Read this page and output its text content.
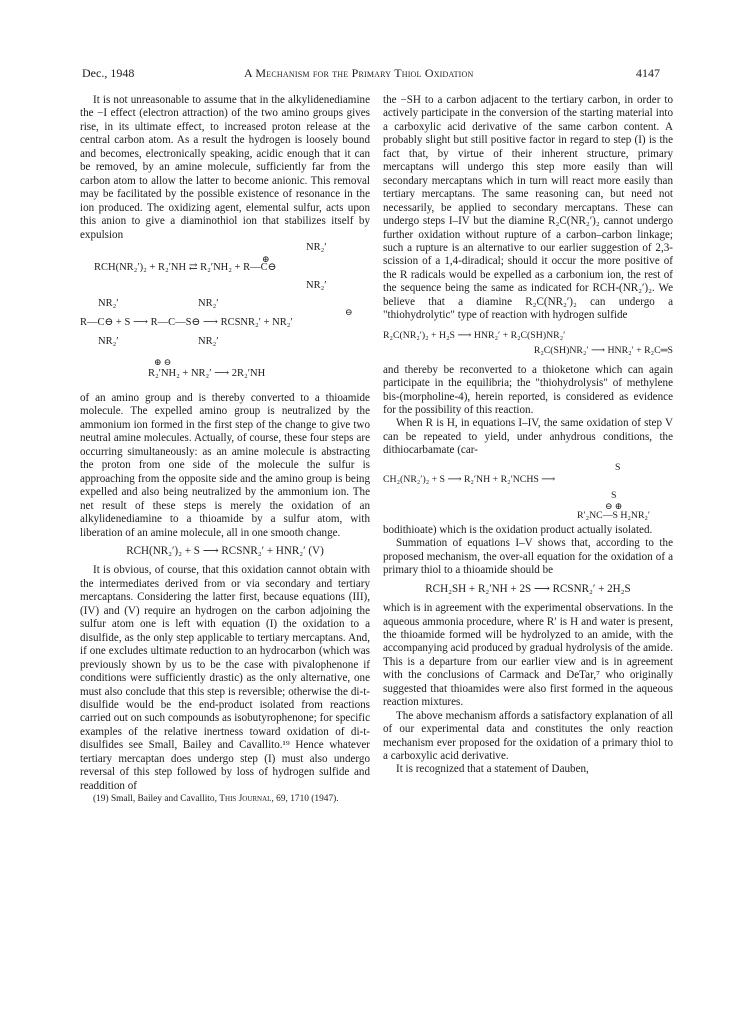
Dec., 1948	A Mechanism for the Primary Thiol Oxidation	4147

It is not unreasonable to assume that in the alkylidenediamine the −I effect (electron attraction) of the two amino groups gives rise, in its ultimate effect, to increased proton release at the central carbon atom. As a result the hydrogen is loosely bound and becomes, electronically speaking, acidic enough that it can be removed, by an amine molecule, sufficiently far from the carbon atom to allow the latter to become anionic. This removal may be facilitated by the possible existence of resonance in the ion produced. The oxidizing agent, elemental sulfur, acts upon this anion to give a diaminothiol ion that stabilizes itself by expulsion

NR₂′
⊕
RCH(NR₂′)₂ + R₂′NH ⇄ R₂′NH₂ + R—C⊖
NR₂′
NR₂′	NR₂′
⊖
R—C⊖ + S ⟶ R—C—S⊖ ⟶ RCSNR₂′ + NR₂′
NR₂′	NR₂′
⊕ ⊖
R₂′NH₂ + NR₂′ ⟶ 2R₂′NH

of an amino group and is thereby converted to a thioamide molecule. The expelled amino group is neutralized by the ammonium ion formed in the first step of the change to give two neutral amine molecules. Actually, of course, these four steps are occurring simultaneously: as an amine molecule is abstracting the proton from one side of the molecule the sulfur is approaching from the opposite side and the amino group is being expelled and also being neutralized by the ammonium ion. The net result of these steps is merely the oxidation of an alkylidenediamine to a thioamide by a sulfur atom, with liberation of an amine molecule, all in one smooth change.

RCH(NR₂′)₂ + S ⟶ RCSNR₂′ + HNR₂′ (V)

It is obvious, of course, that this oxidation cannot obtain with the intermediates derived from or via secondary and tertiary mercaptans. Considering the latter first, because equations (III), (IV) and (V) require an hydrogen on the carbon adjoining the sulfur atom one is left with equation (I) the oxidation to a disulfide, as the only step applicable to tertiary mercaptans. And, if one excludes ultimate reduction to an hydrocarbon (which was previously shown by us to be the case with pivalophenone if conditions were sufficiently drastic) as the only alternative, one must also conclude that this step is reversible; otherwise the di-t-disulfide would be the end-product isolated from reactions carried out on such compounds as isobutyrophenone; for specific examples of the relative inertness toward oxidation of di-t-disulfides see Small, Bailey and Cavallito.¹⁹ Hence whatever tertiary mercaptan does undergo step (I) must also undergo reversal of this step followed by loss of hydrogen sulfide and readdition of

(19) Small, Bailey and Cavallito, This Journal, 69, 1710 (1947).

the −SH to a carbon adjacent to the tertiary carbon, in order to actively participate in the conversion of the starting material into a carboxylic acid derivative of the same carbon content. A probably slight but still positive factor in regard to step (I) is the fact that, by virtue of their inherent structure, primary mercaptans will undergo this step more easily than will secondary mercaptans which in turn will react more easily than tertiary mercaptans. The same reasoning can, but need not necessarily, be applied to secondary mercaptans. These can undergo steps I–IV but the diamine R₂C(NR₂′)₂ cannot undergo further oxidation without rupture of a carbon–carbon linkage; such a rupture is an alternative to our earlier suggestion of 2,3-scission of a 1,4-diradical; should it occur the more positive of the R radicals would be expelled as a carbonium ion, the rest of the sequence being the same as indicated for RCH-(NR₂′)₂. We believe that a diamine R₂C(NR₂′)₂ can undergo a "thiohydrolytic" type of reaction with hydrogen sulfide

R₂C(NR₂′)₂ + H₂S ⟶ HNR₂′ + R₂C(SH)NR₂′
R₂C(SH)NR₂′ ⟶ HNR₂′ + R₂C═S

and thereby be reconverted to a thioketone which can again participate in the equilibria; the "thiohydrolysis" of methylene bis-(morpholine-4), herein reported, is considered as evidence for the possibility of this reaction.

When R is H, in equations I–IV, the same oxidation of step V can be repeated to yield, under anhydrous conditions, the dithiocarbamate (car-

S
CH₂(NR₂′)₂ + S ⟶ R₂′NH + R₂′NCHS ⟶
S
⊖ ⊕
R′₂NC—S H₂NR₂′

bodithioate) which is the oxidation product actually isolated.

Summation of equations I–V shows that, according to the proposed mechanism, the over-all equation for the oxidation of a primary thiol to a thioamide should be

RCH₂SH + R₂′NH + 2S ⟶ RCSNR₂′ + 2H₂S

which is in agreement with the experimental observations. In the aqueous ammonia procedure, where R′ is H and water is present, the thioamide formed will be hydrolyzed to an amide, with the accompanying acid produced by gradual hydrolysis of the amide. This is a departure from our earlier view and is in agreement with the conclusions of Carmack and DeTar,⁷ who originally suggested that thioamides were also first formed in the aqueous reaction mixtures.

The above mechanism affords a satisfactory explanation of all of our experimental data and constitutes the only reaction mechanism ever proposed for the oxidation of a primary thiol to a carboxylic acid derivative.

It is recognized that a statement of Dauben,
